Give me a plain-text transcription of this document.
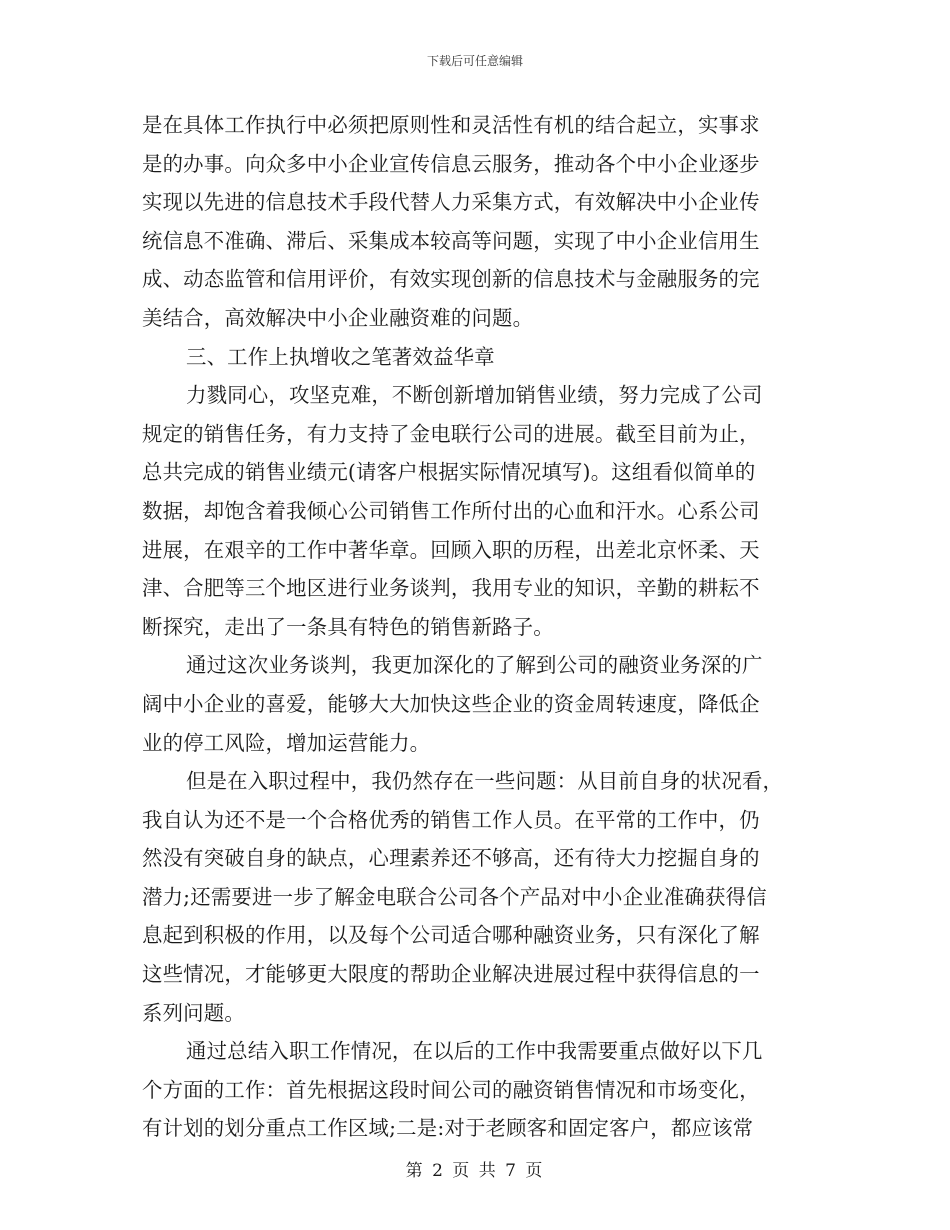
下载后可任意编辑
是在具体工作执行中必须把原则性和灵活性有机的结合起立，实事求
是的办事。向众多中小企业宣传信息云服务，推动各个中小企业逐步
实现以先进的信息技术手段代替人力采集方式，有效解决中小企业传
统信息不准确、滞后、采集成本较高等问题，实现了中小企业信用生
成、动态监管和信用评价，有效实现创新的信息技术与金融服务的完
美结合，高效解决中小企业融资难的问题。
三、工作上执增收之笔著效益华章
力戮同心，攻坚克难，不断创新增加销售业绩，努力完成了公司
规定的销售任务，有力支持了金电联行公司的进展。截至目前为止，
总共完成的销售业绩元(请客户根据实际情况填写)。这组看似简单的
数据，却饱含着我倾心公司销售工作所付出的心血和汗水。心系公司
进展，在艰辛的工作中著华章。回顾入职的历程，出差北京怀柔、天
津、合肥等三个地区进行业务谈判，我用专业的知识，辛勤的耕耘不
断探究，走出了一条具有特色的销售新路子。
通过这次业务谈判，我更加深化的了解到公司的融资业务深的广
阔中小企业的喜爱，能够大大加快这些企业的资金周转速度，降低企
业的停工风险，增加运营能力。
但是在入职过程中，我仍然存在一些问题：从目前自身的状况看，
我自认为还不是一个合格优秀的销售工作人员。在平常的工作中，仍
然没有突破自身的缺点，心理素养还不够高，还有待大力挖掘自身的
潜力;还需要进一步了解金电联合公司各个产品对中小企业准确获得信
息起到积极的作用，以及每个公司适合哪种融资业务，只有深化了解
这些情况，才能够更大限度的帮助企业解决进展过程中获得信息的一
系列问题。
通过总结入职工作情况，在以后的工作中我需要重点做好以下几
个方面的工作：首先根据这段时间公司的融资销售情况和市场变化，
有计划的划分重点工作区域;二是:对于老顾客和固定客户，都应该常
第 2 页 共 7 页
